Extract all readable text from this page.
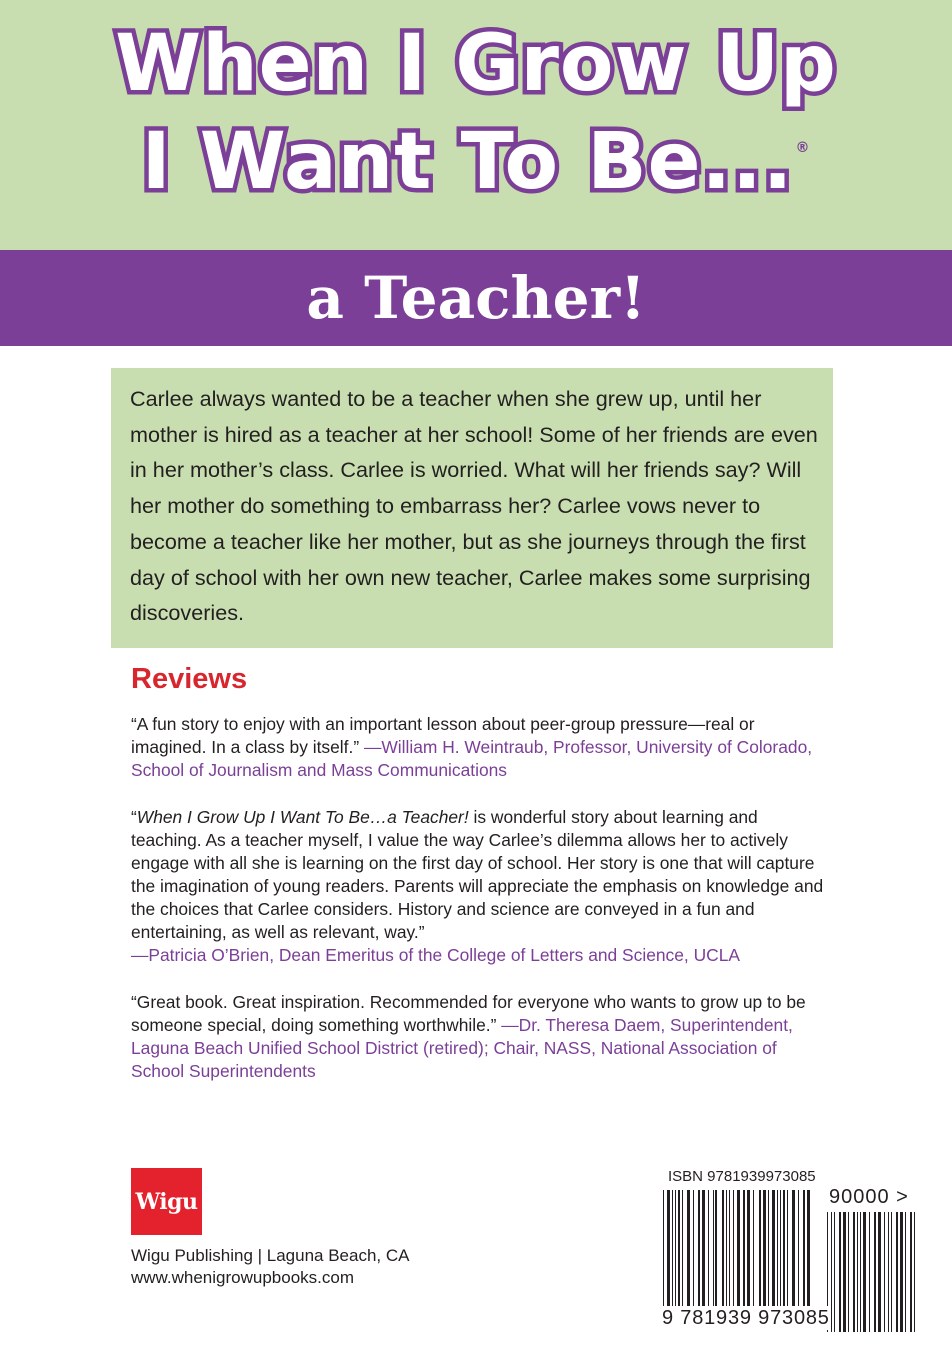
When I Grow Up
I Want To Be... ®
a Teacher!

Carlee always wanted to be a teacher when she grew up, until her mother is hired as a teacher at her school! Some of her friends are even in her mother’s class. Carlee is worried. What will her friends say? Will her mother do something to embarrass her? Carlee vows never to become a teacher like her mother, but as she journeys through the first day of school with her own new teacher, Carlee makes some surprising discoveries.

Reviews

“A fun story to enjoy with an important lesson about peer-group pressure—real or imagined. In a class by itself.” —William H. Weintraub, Professor, University of Colorado, School of Journalism and Mass Communications

“When I Grow Up I Want To Be…a Teacher! is wonderful story about learning and teaching. As a teacher myself, I value the way Carlee’s dilemma allows her to actively engage with all she is learning on the first day of school. Her story is one that will capture the imagination of young readers. Parents will appreciate the emphasis on knowledge and the choices that Carlee considers. History and science are conveyed in a fun and entertaining, as well as relevant, way.”
—Patricia O’Brien, Dean Emeritus of the College of Letters and Science, UCLA

“Great book. Great inspiration. Recommended for everyone who wants to grow up to be someone special, doing something worthwhile.” —Dr. Theresa Daem, Superintendent, Laguna Beach Unified School District (retired); Chair, NASS, National Association of School Superintendents

Wigu

Wigu Publishing | Laguna Beach, CA

www.whenigrowupbooks.com

ISBN 9781939973085

90000 >

9 781939 973085
